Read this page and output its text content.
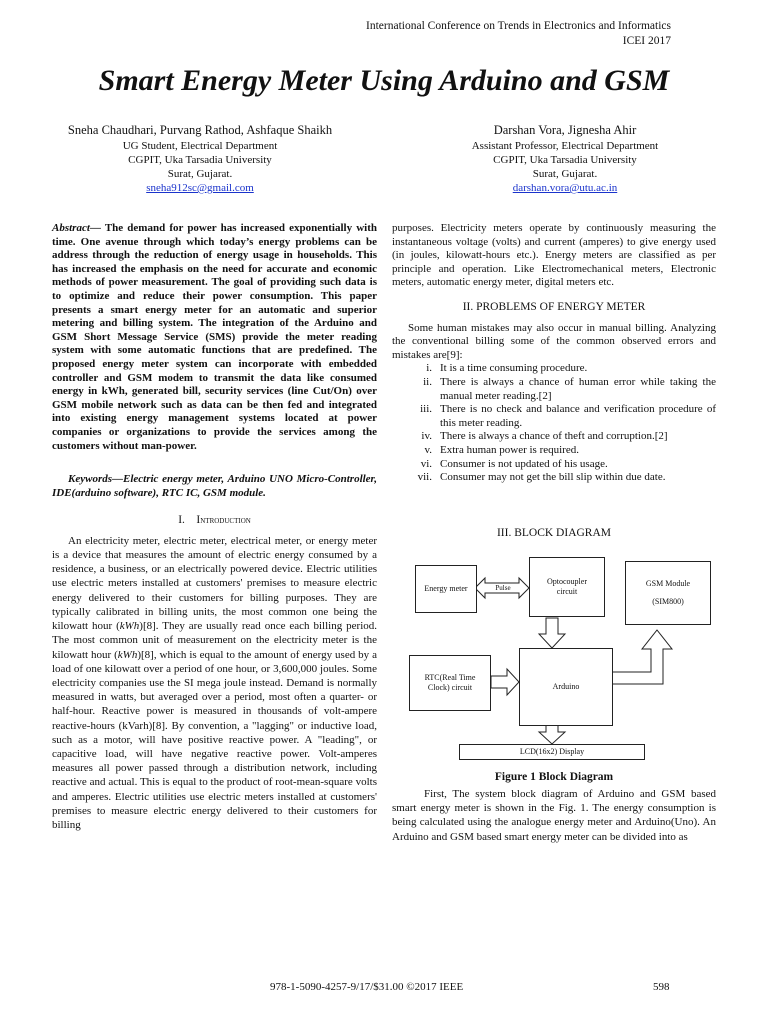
International Conference on Trends in Electronics and Informatics
ICEI 2017
Smart Energy Meter Using Arduino and GSM
Sneha Chaudhari, Purvang Rathod, Ashfaque Shaikh
UG Student, Electrical Department
CGPIT, Uka Tarsadia University
Surat, Gujarat.
sneha912sc@gmail.com
Darshan Vora, Jignesha Ahir
Assistant Professor, Electrical Department
CGPIT, Uka Tarsadia University
Surat, Gujarat.
darshan.vora@utu.ac.in

Abstract— The demand for power has increased exponentially with time. One avenue through which today’s energy problems can be address through the reduction of energy usage in households. This has increased the emphasis on the need for accurate and economic methods of power measurement. The goal of providing such data is to optimize and reduce their power consumption. This paper presents a smart energy meter for an automatic and superior metering and billing system. The integration of the Arduino and GSM Short Message Service (SMS) provide the meter reading system with some automatic functions that are predefined. The proposed energy meter system can incorporate with embedded controller and GSM modem to transmit the data like consumed energy in kWh, generated bill, security services (line Cut/On) over GSM mobile network such as data can be then fed and integrated into existing energy management systems located at power companies or organizations to provide the services among the customers without man-power.

Keywords—Electric energy meter, Arduino UNO Micro-Controller, IDE(arduino software), RTC IC, GSM module.

I. Introduction

An electricity meter, electric meter, electrical meter, or energy meter is a device that measures the amount of electric energy consumed by a residence, a business, or an electrically powered device. Electric utilities use electric meters installed at customers' premises to measure electric energy delivered to their customers for billing purposes. They are typically calibrated in billing units, the most common one being the kilowatt hour (kWh)[8]. They are usually read once each billing period. The most common unit of measurement on the electricity meter is the kilowatt hour (kWh)[8], which is equal to the amount of energy used by a load of one kilowatt over a period of one hour, or 3,600,000 joules. Some electricity companies use the SI mega joule instead. Demand is normally measured in watts, but averaged over a period, most often a quarter- or half-hour. Reactive power is measured in thousands of volt-ampere reactive-hours (kVarh)[8]. By convention, a "lagging" or inductive load, such as a motor, will have positive reactive power. A "leading", or capacitive load, will have negative reactive power. Volt-amperes measures all power passed through a distribution network, including reactive and actual. This is equal to the product of root-mean-square volts and amperes. Electric utilities use electric meters installed at customers' premises to measure electric energy delivered to their customers for billing

purposes. Electricity meters operate by continuously measuring the instantaneous voltage (volts) and current (amperes) to give energy used (in joules, kilowatt-hours etc.). Energy meters are classified as per principle and operation. Like Electromechanical meters, Electronic meters, automatic energy meter, digital meters etc.

II. PROBLEMS OF ENERGY METER

Some human mistakes may also occur in manual billing. Analyzing the conventional billing some of the common observed errors and mistakes are[9]:

i. It is a time consuming procedure.
ii. There is always a chance of human error while taking the manual meter reading.[2]
iii. There is no check and balance and verification procedure of this meter reading.
iv. There is always a chance of theft and corruption.[2]
v. Extra human power is required.
vi. Consumer is not updated of his usage.
vii. Consumer may not get the bill slip within due date.
III. BLOCK DIAGRAM
Energy meter	Pulse
Optocoupler circuit
GSM Module
(SIM800)
RTC(Real Time Clock) circuit	Arduino
LCD(16x2) Display
Figure 1 Block Diagram

First, The system block diagram of Arduino and GSM based smart energy meter is shown in the Fig. 1. The energy consumption is being calculated using the analogue energy meter and Arduino(Uno). An Arduino and GSM based smart energy meter can be divided into as

978-1-5090-4257-9/17/$31.00 ©2017 IEEE	598
